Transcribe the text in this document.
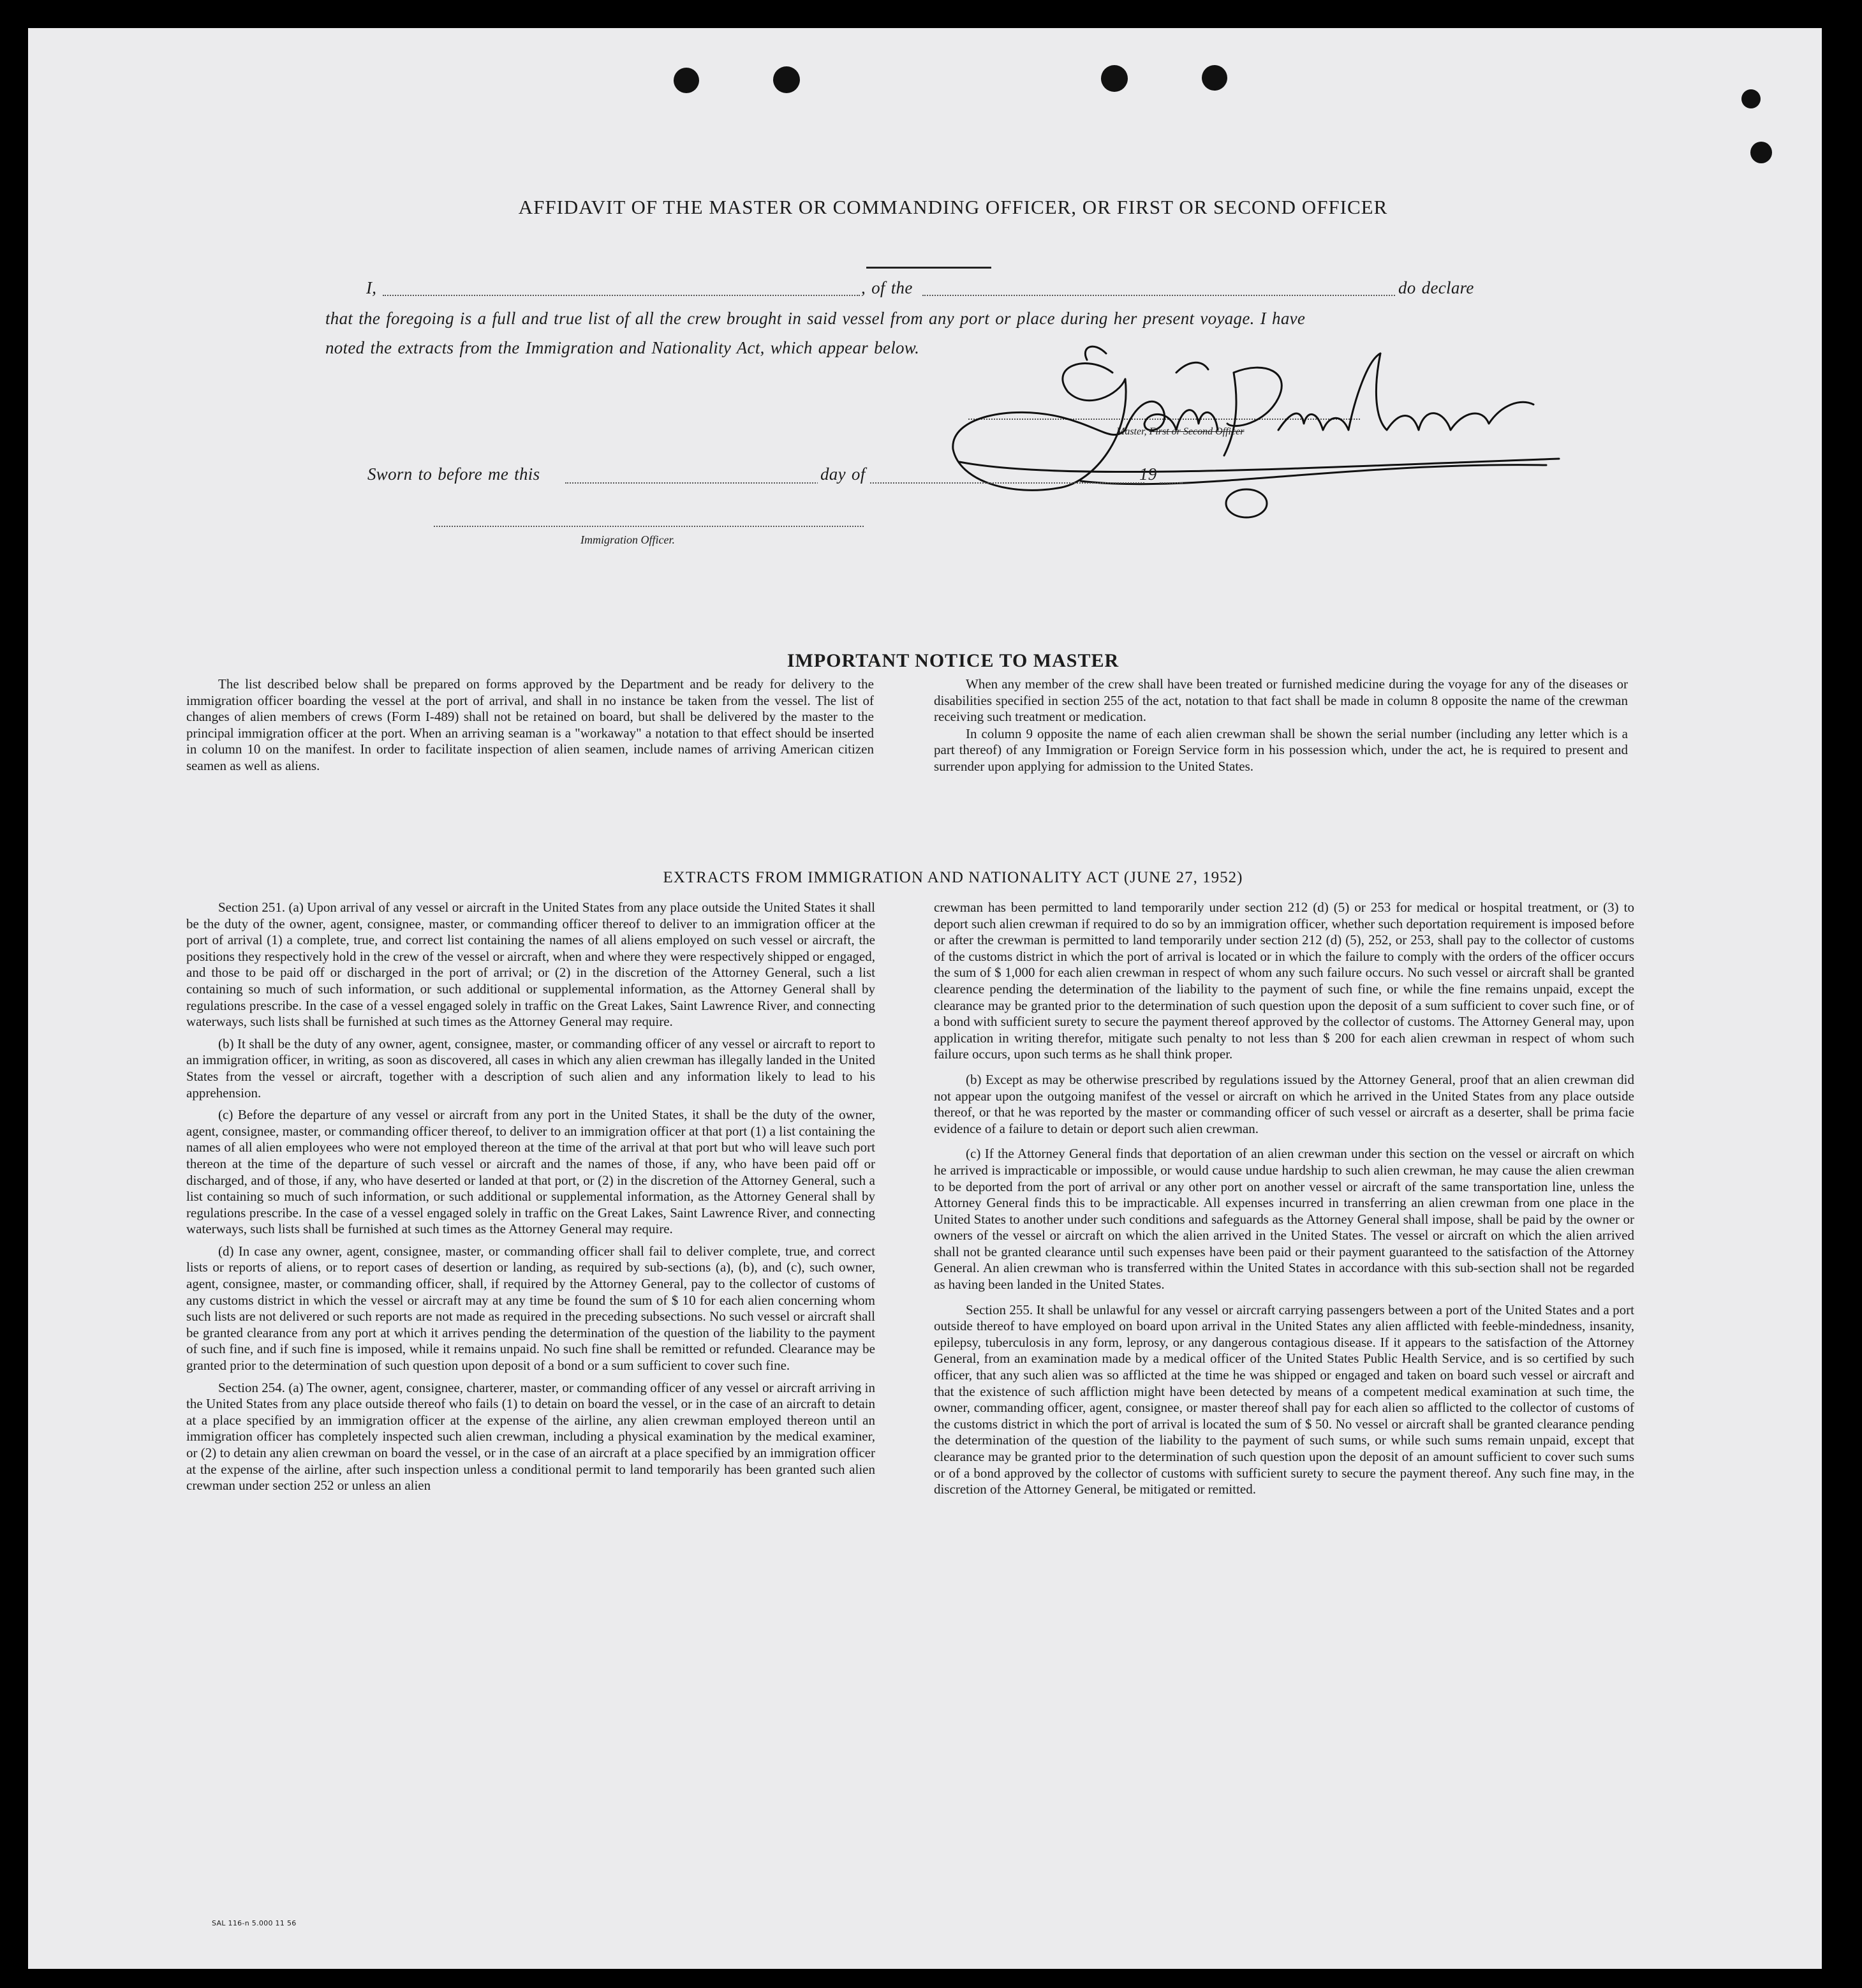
AFFIDAVIT OF THE MASTER OR COMMANDING OFFICER, OR FIRST OR SECOND OFFICER
I,	, of the	do declare
that the foregoing is a full and true list of all the crew brought in said vessel from any port or place during her present voyage. I have
noted the extracts from the Immigration and Nationality Act, which appear below.
Master, First or Second Officer
Sworn to before me this	day of	19
Immigration Officer.
IMPORTANT NOTICE TO MASTER

The list described below shall be prepared on forms approved by the Department and be ready for delivery to the immigration officer boarding the vessel at the port of arrival, and shall in no instance be taken from the vessel. The list of changes of alien members of crews (Form I-489) shall not be retained on board, but shall be delivered by the master to the principal immigration officer at the port. When an arriving seaman is a "workaway" a notation to that effect should be inserted in column 10 on the manifest. In order to facilitate inspection of alien seamen, include names of arriving American citizen seamen as well as aliens.

When any member of the crew shall have been treated or furnished medicine during the voyage for any of the diseases or disabilities specified in section 255 of the act, notation to that fact shall be made in column 8 opposite the name of the crewman receiving such treatment or medication.

In column 9 opposite the name of each alien crewman shall be shown the serial number (including any letter which is a part thereof) of any Immigration or Foreign Service form in his possession which, under the act, he is required to present and surrender upon applying for admission to the United States.

EXTRACTS FROM IMMIGRATION AND NATIONALITY ACT (JUNE 27, 1952)

Section 251. (a) Upon arrival of any vessel or aircraft in the United States from any place outside the United States it shall be the duty of the owner, agent, consignee, master, or commanding officer thereof to deliver to an immigration officer at the port of arrival (1) a complete, true, and correct list containing the names of all aliens employed on such vessel or aircraft, the positions they respectively hold in the crew of the vessel or aircraft, when and where they were respectively shipped or engaged, and those to be paid off or discharged in the port of arrival; or (2) in the discretion of the Attorney General, such a list containing so much of such information, or such additional or supplemental information, as the Attorney General shall by regulations prescribe. In the case of a vessel engaged solely in traffic on the Great Lakes, Saint Lawrence River, and connecting waterways, such lists shall be furnished at such times as the Attorney General may require.

(b) It shall be the duty of any owner, agent, consignee, master, or commanding officer of any vessel or aircraft to report to an immigration officer, in writing, as soon as discovered, all cases in which any alien crewman has illegally landed in the United States from the vessel or aircraft, together with a description of such alien and any information likely to lead to his apprehension.

(c) Before the departure of any vessel or aircraft from any port in the United States, it shall be the duty of the owner, agent, consignee, master, or commanding officer thereof, to deliver to an immigration officer at that port (1) a list containing the names of all alien employees who were not employed thereon at the time of the arrival at that port but who will leave such port thereon at the time of the departure of such vessel or aircraft and the names of those, if any, who have been paid off or discharged, and of those, if any, who have deserted or landed at that port, or (2) in the discretion of the Attorney General, such a list containing so much of such information, or such additional or supplemental information, as the Attorney General shall by regulations prescribe. In the case of a vessel engaged solely in traffic on the Great Lakes, Saint Lawrence River, and connecting waterways, such lists shall be furnished at such times as the Attorney General may require.

(d) In case any owner, agent, consignee, master, or commanding officer shall fail to deliver complete, true, and correct lists or reports of aliens, or to report cases of desertion or landing, as required by sub-sections (a), (b), and (c), such owner, agent, consignee, master, or commanding officer, shall, if required by the Attorney General, pay to the collector of customs of any customs district in which the vessel or aircraft may at any time be found the sum of $ 10 for each alien concerning whom such lists are not delivered or such reports are not made as required in the preceding subsections. No such vessel or aircraft shall be granted clearance from any port at which it arrives pending the determination of the question of the liability to the payment of such fine, and if such fine is imposed, while it remains unpaid. No such fine shall be remitted or refunded. Clearance may be granted prior to the determination of such question upon deposit of a bond or a sum sufficient to cover such fine.

Section 254. (a) The owner, agent, consignee, charterer, master, or commanding officer of any vessel or aircraft arriving in the United States from any place outside thereof who fails (1) to detain on board the vessel, or in the case of an aircraft to detain at a place specified by an immigration officer at the expense of the airline, any alien crewman employed thereon until an immigration officer has completely inspected such alien crewman, including a physical examination by the medical examiner, or (2) to detain any alien crewman on board the vessel, or in the case of an aircraft at a place specified by an immigration officer at the expense of the airline, after such inspection unless a conditional permit to land temporarily has been granted such alien crewman under section 252 or unless an alien

crewman has been permitted to land temporarily under section 212 (d) (5) or 253 for medical or hospital treatment, or (3) to deport such alien crewman if required to do so by an immigration officer, whether such deportation requirement is imposed before or after the crewman is permitted to land temporarily under section 212 (d) (5), 252, or 253, shall pay to the collector of customs of the customs district in which the port of arrival is located or in which the failure to comply with the orders of the officer occurs the sum of $ 1,000 for each alien crewman in respect of whom any such failure occurs. No such vessel or aircraft shall be granted clearence pending the determination of the liability to the payment of such fine, or while the fine remains unpaid, except the clearance may be granted prior to the determination of such question upon the deposit of a sum sufficient to cover such fine, or of a bond with sufficient surety to secure the payment thereof approved by the collector of customs. The Attorney General may, upon application in writing therefor, mitigate such penalty to not less than $ 200 for each alien crewman in respect of whom such failure occurs, upon such terms as he shall think proper.

(b) Except as may be otherwise prescribed by regulations issued by the Attorney General, proof that an alien crewman did not appear upon the outgoing manifest of the vessel or aircraft on which he arrived in the United States from any place outside thereof, or that he was reported by the master or commanding officer of such vessel or aircraft as a deserter, shall be prima facie evidence of a failure to detain or deport such alien crewman.

(c) If the Attorney General finds that deportation of an alien crewman under this section on the vessel or aircraft on which he arrived is impracticable or impossible, or would cause undue hardship to such alien crewman, he may cause the alien crewman to be deported from the port of arrival or any other port on another vessel or aircraft of the same transportation line, unless the Attorney General finds this to be impracticable. All expenses incurred in transferring an alien crewman from one place in the United States to another under such conditions and safeguards as the Attorney General shall impose, shall be paid by the owner or owners of the vessel or aircraft on which the alien arrived in the United States. The vessel or aircraft on which the alien arrived shall not be granted clearance until such expenses have been paid or their payment guaranteed to the satisfaction of the Attorney General. An alien crewman who is transferred within the United States in accordance with this sub-section shall not be regarded as having been landed in the United States.

Section 255. It shall be unlawful for any vessel or aircraft carrying passengers between a port of the United States and a port outside thereof to have employed on board upon arrival in the United States any alien afflicted with feeble-mindedness, insanity, epilepsy, tuberculosis in any form, leprosy, or any dangerous contagious disease. If it appears to the satisfaction of the Attorney General, from an examination made by a medical officer of the United States Public Health Service, and is so certified by such officer, that any such alien was so afflicted at the time he was shipped or engaged and taken on board such vessel or aircraft and that the existence of such affliction might have been detected by means of a competent medical examination at such time, the owner, commanding officer, agent, consignee, or master thereof shall pay for each alien so afflicted to the collector of customs of the customs district in which the port of arrival is located the sum of $ 50. No vessel or aircraft shall be granted clearance pending the determination of the question of the liability to the payment of such sums, or while such sums remain unpaid, except that clearance may be granted prior to the determination of such question upon the deposit of an amount sufficient to cover such sums or of a bond approved by the collector of customs with sufficient surety to secure the payment thereof. Any such fine may, in the discretion of the Attorney General, be mitigated or remitted.

SAL 116-n 5.000 11 56
